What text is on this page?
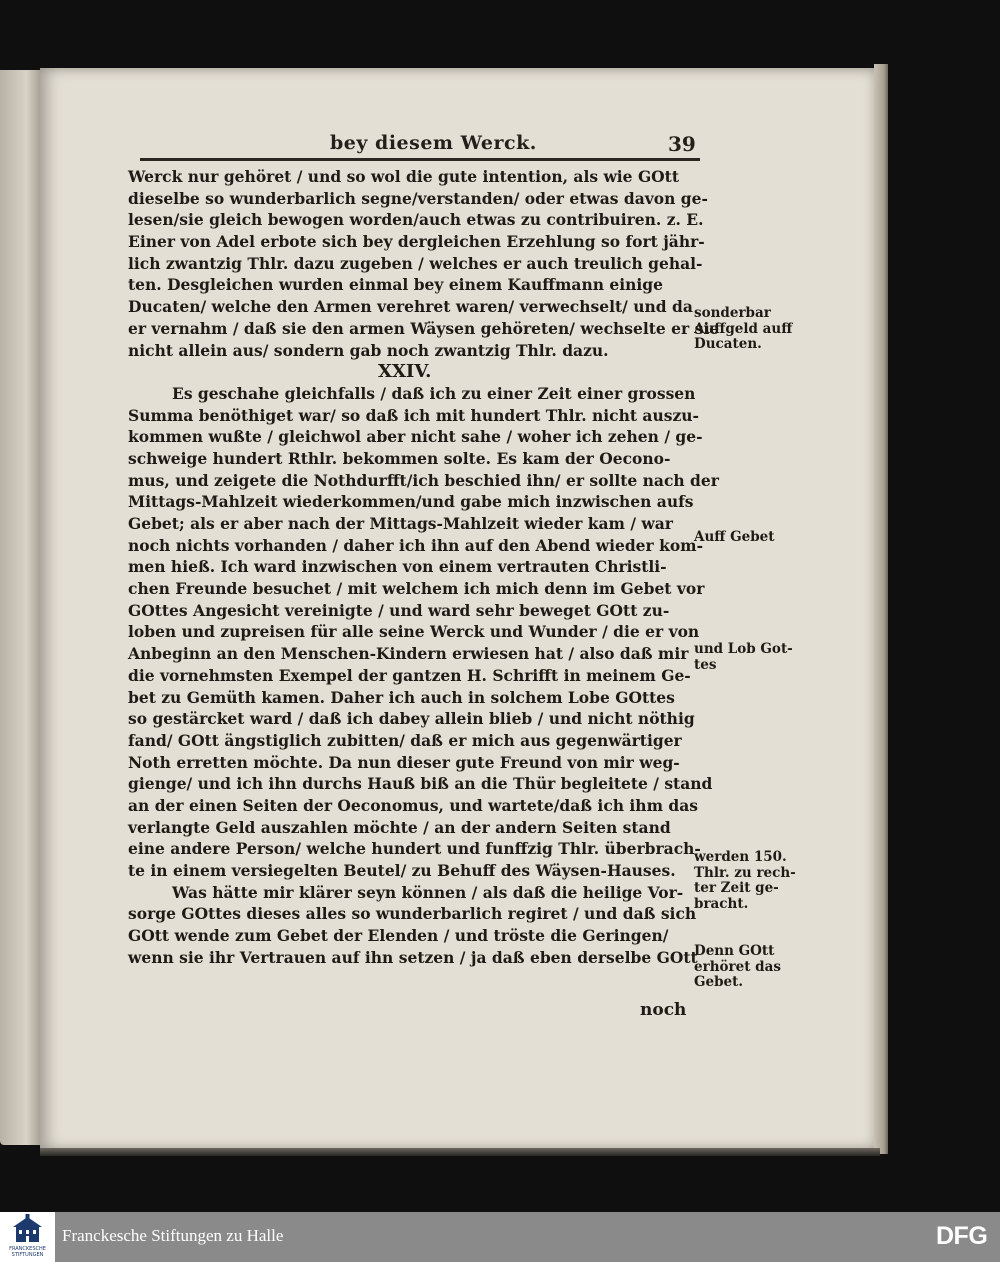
bey diesem Werck.	39
Werck nur gehöret / und so wol die gute intention, als wie GOtt
dieselbe so wunderbarlich segne/verstanden/ oder etwas davon ge-
lesen/sie gleich bewogen worden/auch etwas zu contribuiren. z. E.
Einer von Adel erbote sich bey dergleichen Erzehlung so fort jähr-
lich zwantzig Thlr. dazu zugeben / welches er auch treulich gehal-
ten. Desgleichen wurden einmal bey einem Kauffmann einige
Ducaten/ welche den Armen verehret waren/ verwechselt/ und da
er vernahm / daß sie den armen Wäysen gehöreten/ wechselte er sie
nicht allein aus/ sondern gab noch zwantzig Thlr. dazu.
XXIV.
Es geschahe gleichfalls / daß ich zu einer Zeit einer grossen
Summa benöthiget war/ so daß ich mit hundert Thlr. nicht auszu-
kommen wußte / gleichwol aber nicht sahe / woher ich zehen / ge-
schweige hundert Rthlr. bekommen solte. Es kam der Oecono-
mus, und zeigete die Nothdurfft/ich beschied ihn/ er sollte nach der
Mittags-Mahlzeit wiederkommen/und gabe mich inzwischen aufs
Gebet; als er aber nach der Mittags-Mahlzeit wieder kam / war
noch nichts vorhanden / daher ich ihn auf den Abend wieder kom-
men hieß. Ich ward inzwischen von einem vertrauten Christli-
chen Freunde besuchet / mit welchem ich mich denn im Gebet vor
GOttes Angesicht vereinigte / und ward sehr beweget GOtt zu-
loben und zupreisen für alle seine Werck und Wunder / die er von
Anbeginn an den Menschen-Kindern erwiesen hat / also daß mir
die vornehmsten Exempel der gantzen H. Schrifft in meinem Ge-
bet zu Gemüth kamen. Daher ich auch in solchem Lobe GOttes
so gestärcket ward / daß ich dabey allein blieb / und nicht nöthig
fand/ GOtt ängstiglich zubitten/ daß er mich aus gegenwärtiger
Noth erretten möchte. Da nun dieser gute Freund von mir weg-
gienge/ und ich ihn durchs Hauß biß an die Thür begleitete / stand
an der einen Seiten der Oeconomus, und wartete/daß ich ihm das
verlangte Geld auszahlen möchte / an der andern Seiten stand
eine andere Person/ welche hundert und funffzig Thlr. überbrach-
te in einem versiegelten Beutel/ zu Behuff des Wäysen-Hauses.
Was hätte mir klärer seyn können / als daß die heilige Vor-
sorge GOttes dieses alles so wunderbarlich regiret / und daß sich
GOtt wende zum Gebet der Elenden / und tröste die Geringen/
wenn sie ihr Vertrauen auf ihn setzen / ja daß eben derselbe GOtt
sonderbar
Auffgeld auff
Ducaten.
Auff Gebet
und Lob Got-
tes
werden 150.
Thlr. zu rech-
ter Zeit ge-
bracht.
Denn GOtt
erhöret das
Gebet.
noch
FRANCKESCHE STIFTUNGEN
Franckesche Stiftungen zu Halle	DFG
